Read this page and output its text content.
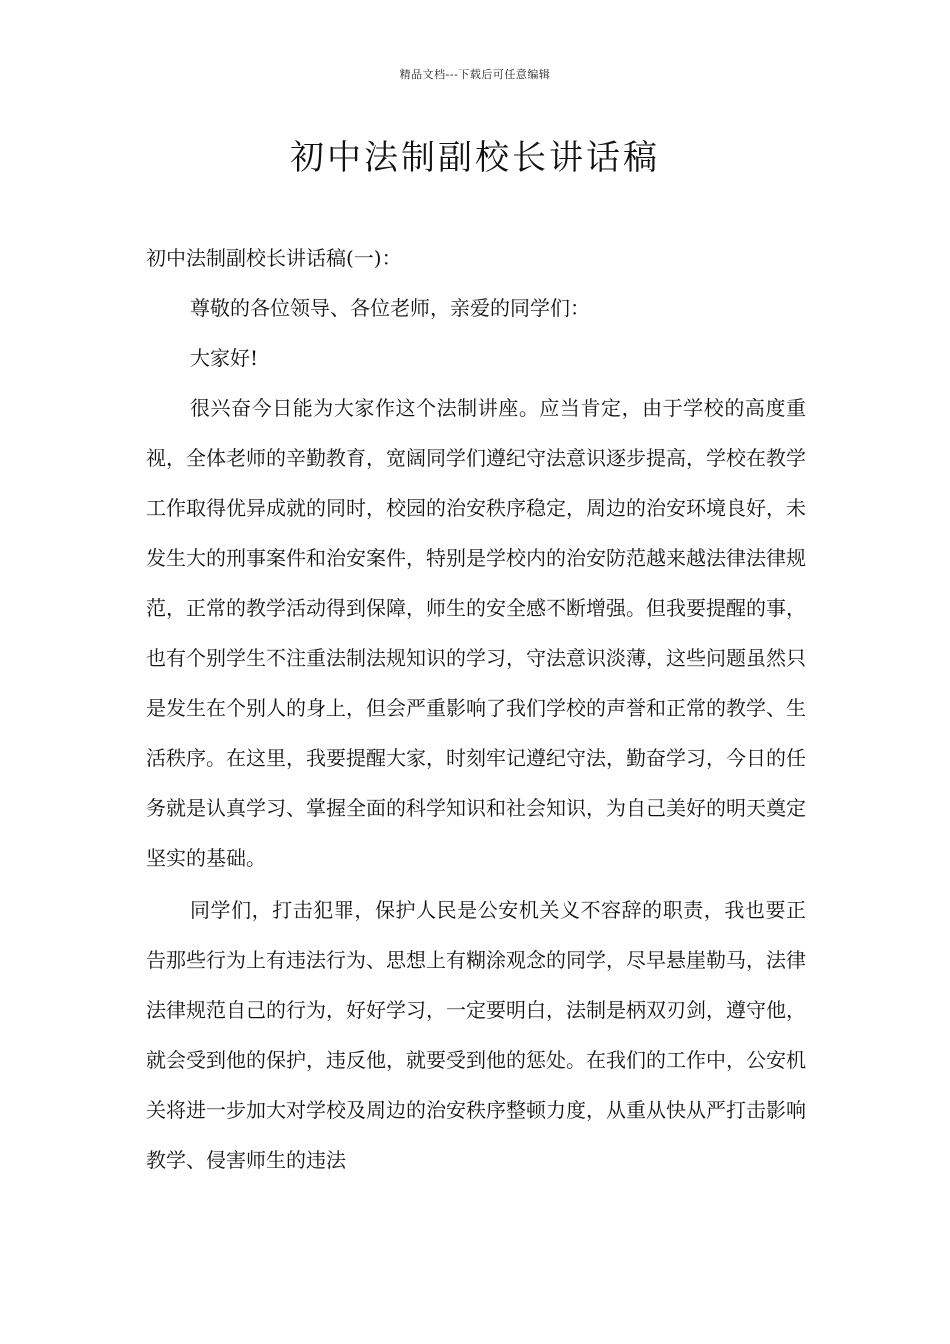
精品文档---下载后可任意编辑
初中法制副校长讲话稿

初中法制副校长讲话稿(一)：

尊敬的各位领导、各位老师，亲爱的同学们：

大家好!

很兴奋今日能为大家作这个法制讲座。应当肯定，由于学校的高度重视，全体老师的辛勤教育，宽阔同学们遵纪守法意识逐步提高，学校在教学工作取得优异成就的同时，校园的治安秩序稳定，周边的治安环境良好，未发生大的刑事案件和治安案件，特别是学校内的治安防范越来越法律法律规范，正常的教学活动得到保障，师生的安全感不断增强。但我要提醒的事，也有个别学生不注重法制法规知识的学习，守法意识淡薄，这些问题虽然只是发生在个别人的身上，但会严重影响了我们学校的声誉和正常的教学、生活秩序。在这里，我要提醒大家，时刻牢记遵纪守法，勤奋学习，今日的任务就是认真学习、掌握全面的科学知识和社会知识，为自己美好的明天奠定坚实的基础。

同学们，打击犯罪，保护人民是公安机关义不容辞的职责，我也要正告那些行为上有违法行为、思想上有糊涂观念的同学，尽早悬崖勒马，法律法律规范自己的行为，好好学习，一定要明白，法制是柄双刃剑，遵守他，就会受到他的保护，违反他，就要受到他的惩处。在我们的工作中，公安机关将进一步加大对学校及周边的治安秩序整顿力度，从重从快从严打击影响教学、侵害师生的违法
